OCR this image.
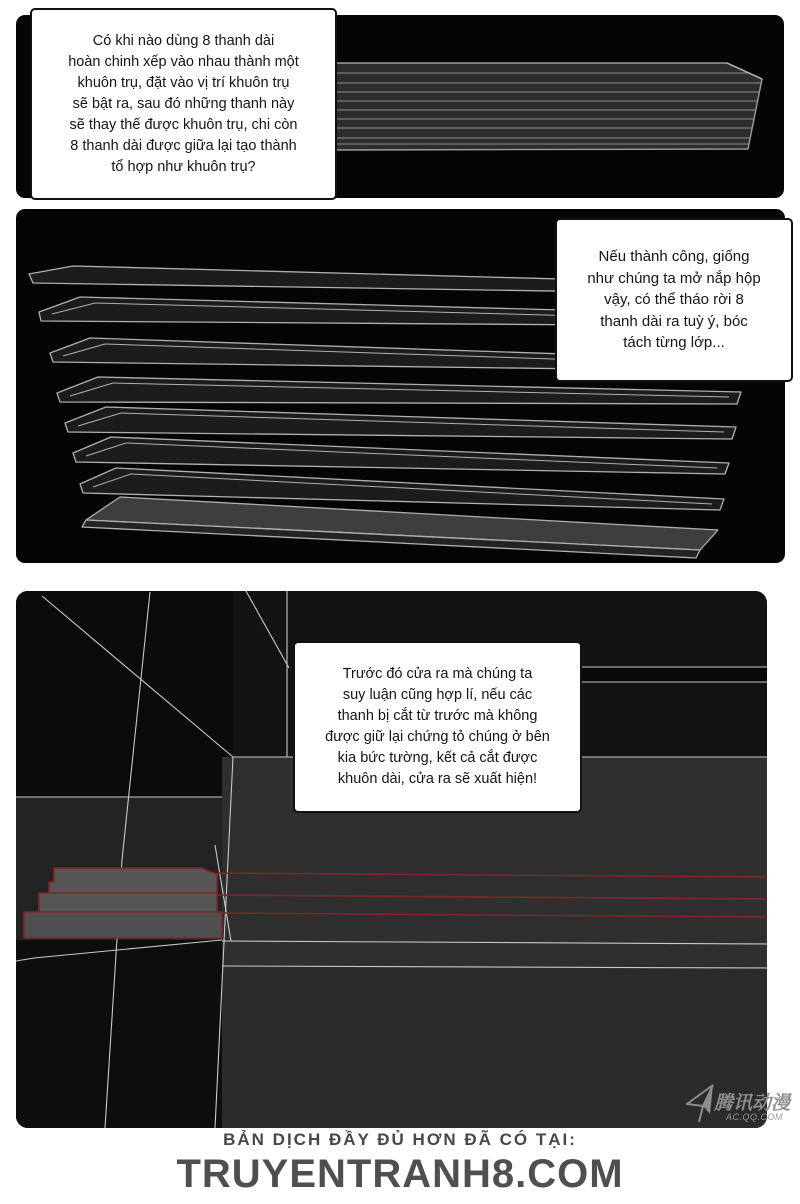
Có khi nào dùng 8 thanh dài
hoàn chinh xếp vào nhau thành một
khuôn trụ, đặt vào vị trí khuôn trụ
sẽ bật ra, sau đó những thanh này
sẽ thay thế được khuôn trụ, chi còn
8 thanh dài được giữa lại tạo thành
tổ hợp như khuôn trụ?
Nếu thành công, giống
như chúng ta mở nắp hộp
vậy, có thể tháo rời 8
thanh dài ra tuỳ ý, bóc
tách từng lớp...
Trước đó cửa ra mà chúng ta
suy luận cũng hợp lí, nếu các
thanh bị cắt từ trước mà không
được giữ lại chứng tỏ chúng ở bên
kia bức tường, kết cả cắt được
khuôn dài, cửa ra sẽ xuất hiện!
腾讯动漫
AC.QQ.COM
BẢN DỊCH ĐẦY ĐỦ HƠN ĐÃ CÓ TẠI:
TRUYENTRANH8.COM
